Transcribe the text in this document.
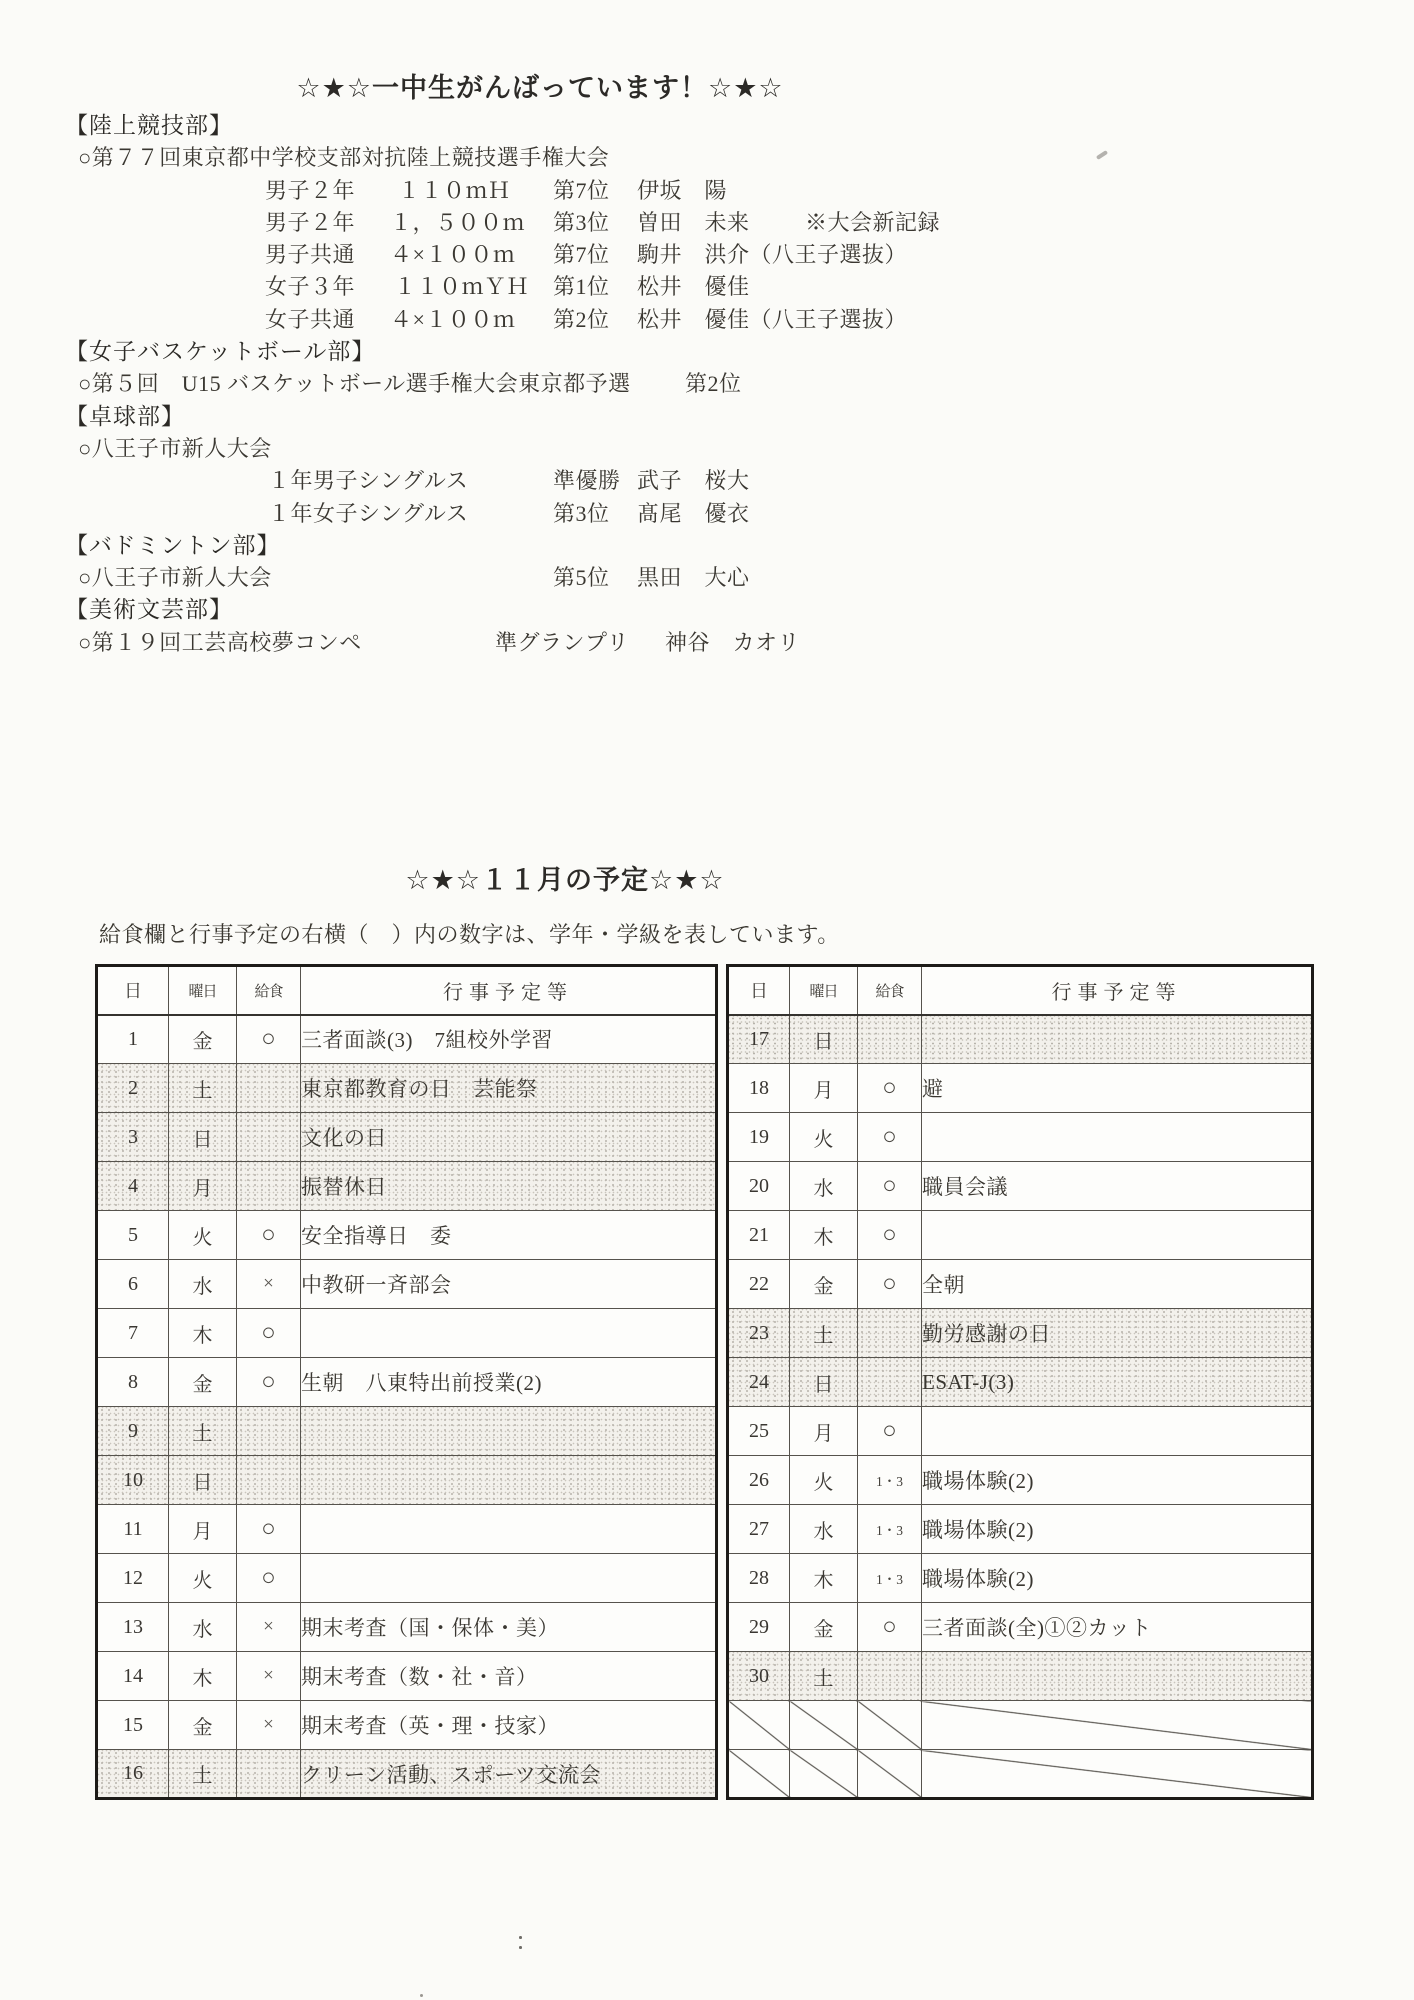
☆★☆一中生がんばっています！☆★☆
【陸上競技部】
○第７７回東京都中学校支部対抗陸上競技選手権大会
男子２年 １１０ｍＨ 第7位 伊坂　陽
男子２年 １，５００ｍ 第3位 曽田　未来	※大会新記録
男子共通 ４×１００ｍ 第7位 駒井　洪介（八王子選抜）
女子３年 １１０ｍＹＨ 第1位 松井　優佳
女子共通 ４×１００ｍ 第2位 松井　優佳（八王子選抜）
【女子バスケットボール部】
○第５回　U15 バスケットボール選手権大会東京都予選 第2位
【卓球部】
○八王子市新人大会
１年男子シングルス	準優勝 武子　桜大
１年女子シングルス	第3位 髙尾　優衣
【バドミントン部】
○八王子市新人大会	第5位 黒田　大心
【美術文芸部】
○第１９回工芸高校夢コンペ	準グランプリ 神谷　カオリ
☆★☆１１月の予定☆★☆
給食欄と行事予定の右横（　）内の数字は、学年・学級を表しています。
日	曜日	給食	行事予定等
1	金	○	三者面談(3)　7組校外学習
2	土		東京都教育の日　芸能祭
3	日		文化の日
4	月		振替休日
5	火	○	安全指導日　委
6	水	×	中教研一斉部会
7	木	○	
8	金	○	生朝　八東特出前授業(2)
9	土		
10	日		
11	月	○	
12	火	○	
13	水	×	期末考査（国・保体・美）
14	木	×	期末考査（数・社・音）
15	金	×	期末考査（英・理・技家）
16	土		クリーン活動、スポーツ交流会
日	曜日	給食	行事予定等
17	日		
18	月	○	避
19	火	○	
20	水	○	職員会議
21	木	○	
22	金	○	全朝
23	土		勤労感謝の日
24	日		ESAT-J(3)
25	月	○	
26	火	1・3	職場体験(2)
27	水	1・3	職場体験(2)
28	木	1・3	職場体験(2)
29	金	○	三者面談(全)①②カット
30	土		
